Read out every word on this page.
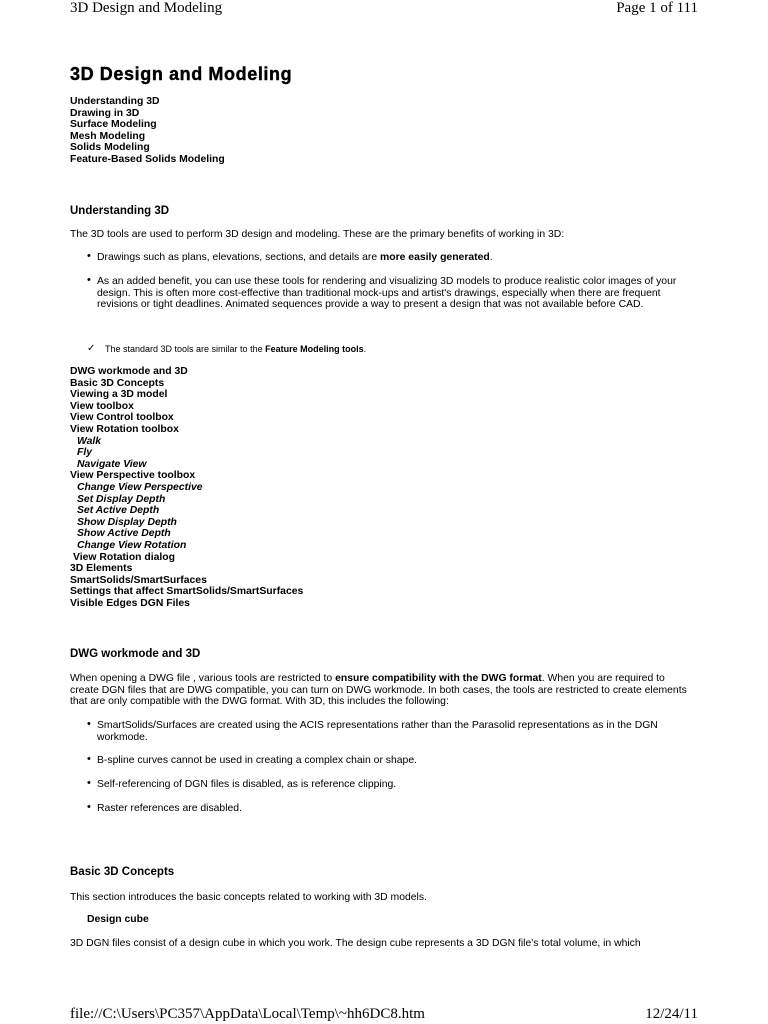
3D Design and Modeling	Page 1 of 111
3D Design and Modeling
Understanding 3D
Drawing in 3D
Surface Modeling
Mesh Modeling
Solids Modeling
Feature-Based Solids Modeling
Understanding 3D

The 3D tools are used to perform 3D design and modeling. These are the primary benefits of working in 3D:

• Drawings such as plans, elevations, sections, and details are more easily generated.
• As an added benefit, you can use these tools for rendering and visualizing 3D models to produce realistic color images of your design. This is often more cost-effective than traditional mock-ups and artist's drawings, especially when there are frequent revisions or tight deadlines. Animated sequences provide a way to present a design that was not available before CAD.
✓ The standard 3D tools are similar to the Feature Modeling tools.
DWG workmode and 3D
Basic 3D Concepts
Viewing a 3D model
View toolbox
View Control toolbox
View Rotation toolbox
Walk
Fly
Navigate View
View Perspective toolbox
Change View Perspective
Set Display Depth
Set Active Depth
Show Display Depth
Show Active Depth
Change View Rotation
View Rotation dialog
3D Elements
SmartSolids/SmartSurfaces
Settings that affect SmartSolids/SmartSurfaces
Visible Edges DGN Files
DWG workmode and 3D

When opening a DWG file , various tools are restricted to ensure compatibility with the DWG format. When you are required to create DGN files that are DWG compatible, you can turn on DWG workmode. In both cases, the tools are restricted to create elements that are only compatible with the DWG format. With 3D, this includes the following:

• SmartSolids/Surfaces are created using the ACIS representations rather than the Parasolid representations as in the DGN workmode.
• B-spline curves cannot be used in creating a complex chain or shape.
• Self-referencing of DGN files is disabled, as is reference clipping.
• Raster references are disabled.
Basic 3D Concepts

This section introduces the basic concepts related to working with 3D models.

Design cube

3D DGN files consist of a design cube in which you work. The design cube represents a 3D DGN file's total volume, in which

file://C:\Users\PC357\AppData\Local\Temp\~hh6DC8.htm	12/24/11
